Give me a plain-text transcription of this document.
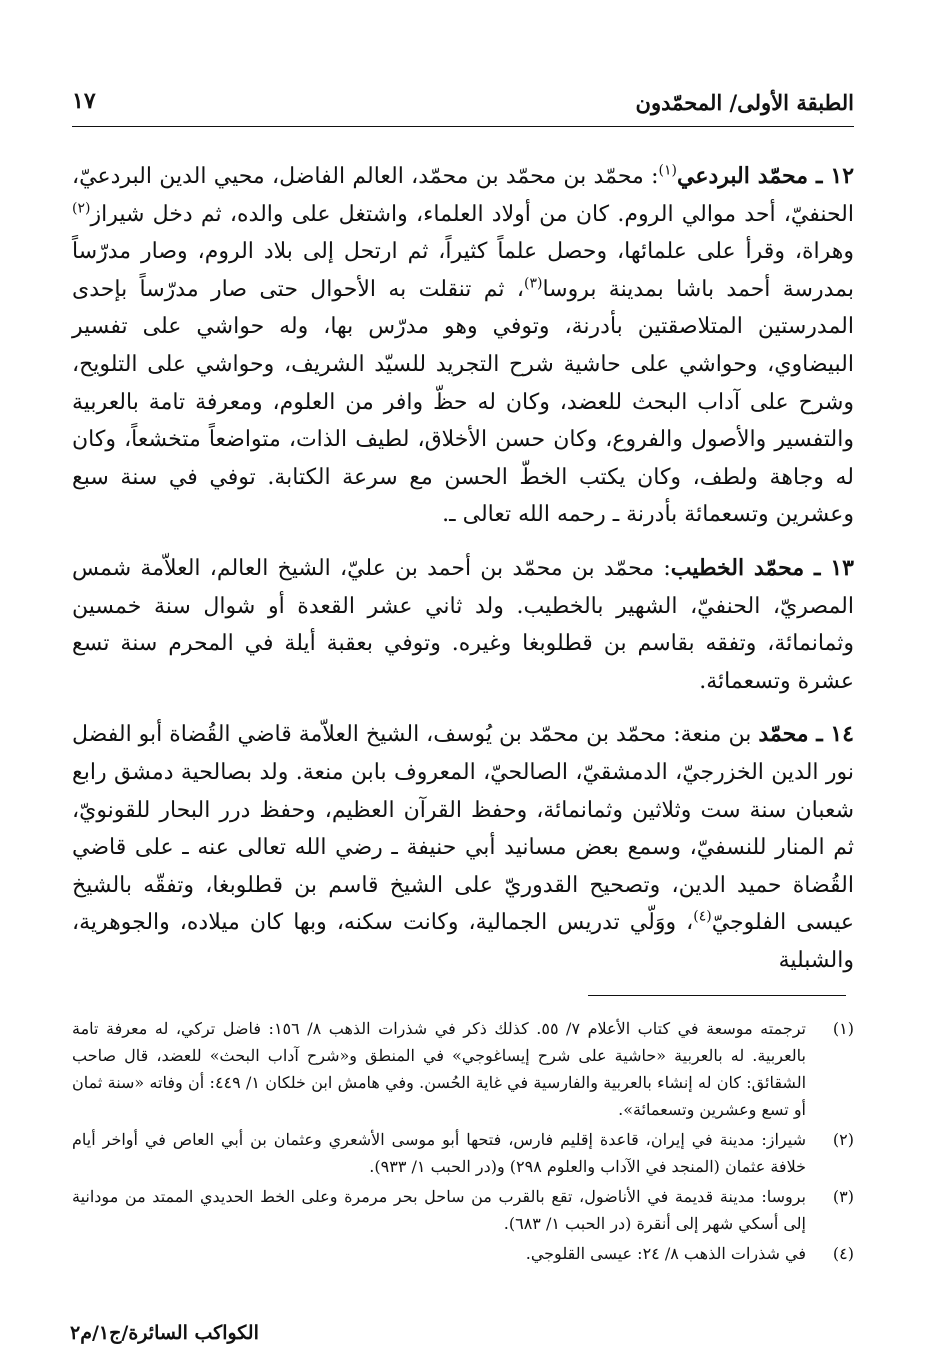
الطبقة الأولى/ المحمّدون
١٧

١٢ ـ محمّد البردعي$^{(١)}$: محمّد بن محمّد بن محمّد، العالم الفاضل، محيي الدين البردعيّ، الحنفيّ، أحد موالي الروم. كان من أولاد العلماء، واشتغل على والده، ثم دخل شيراز$^{(٢)}$ وهراة، وقرأ على علمائها، وحصل علماً كثيراً، ثم ارتحل إلى بلاد الروم، وصار مدرّساً بمدرسة أحمد باشا بمدينة بروسا$^{(٣)}$، ثم تنقلت به الأحوال حتى صار مدرّساً بإحدى المدرستين المتلاصقتين بأدرنة، وتوفي وهو مدرّس بها، وله حواشي على تفسير البيضاوي، وحواشي على حاشية شرح التجريد للسيّد الشريف، وحواشي على التلويح، وشرح على آداب البحث للعضد، وكان له حظّ وافر من العلوم، ومعرفة تامة بالعربية والتفسير والأصول والفروع، وكان حسن الأخلاق، لطيف الذات، متواضعاً متخشعاً، وكان له وجاهة ولطف، وكان يكتب الخطّ الحسن مع سرعة الكتابة. توفي في سنة سبع وعشرين وتسعمائة بأدرنة ـ رحمه الله تعالى ـ.

١٣ ـ محمّد الخطيب: محمّد بن محمّد بن أحمد بن عليّ، الشيخ العالم، العلاّمة شمس المصريّ، الحنفيّ، الشهير بالخطيب. ولد ثاني عشر القعدة أو شوال سنة خمسين وثمانمائة، وتفقه بقاسم بن قطلوبغا وغيره. وتوفي بعقبة أيلة في المحرم سنة تسع عشرة وتسعمائة.

١٤ ـ محمّد بن منعة: محمّد بن محمّد بن يُوسف، الشيخ العلاّمة قاضي القُضاة أبو الفضل نور الدين الخزرجيّ، الدمشقيّ، الصالحيّ، المعروف بابن منعة. ولد بصالحية دمشق رابع شعبان سنة ست وثلاثين وثمانمائة، وحفظ القرآن العظيم، وحفظ درر البحار للقونويّ، ثم المنار للنسفيّ، وسمع بعض مسانيد أبي حنيفة ـ رضي الله تعالى عنه ـ على قاضي القُضاة حميد الدين، وتصحيح القدوريّ على الشيخ قاسم بن قطلوبغا، وتفقّه بالشيخ عيسى الفلوجيّ$^{(٤)}$، ووَلّي تدريس الجمالية، وكانت سكنه، وبها كان ميلاده، والجوهرية، والشبلية

(١)
ترجمته موسعة في كتاب الأعلام ٧/ ٥٥. كذلك ذكر في شذرات الذهب ٨/ ١٥٦: فاضل تركي، له معرفة تامة بالعربية. له بالعربية «حاشية على شرح إيساغوجي» في المنطق و«شرح آداب البحث» للعضد، قال صاحب الشقائق: كان له إنشاء بالعربية والفارسية في غاية الحُسن. وفي هامش ابن خلكان ١/ ٤٤٩: أن وفاته «سنة ثمان أو تسع وعشرين وتسعمائة».
(٢)
شيراز: مدينة في إيران، قاعدة إقليم فارس، فتحها أبو موسى الأشعري وعثمان بن أبي العاص في أواخر أيام خلافة عثمان (المنجد في الآداب والعلوم ٢٩٨) و(در الحبب ١/ ٩٣٣).
(٣)
بروسا: مدينة قديمة في الأناضول، تقع بالقرب من ساحل بحر مرمرة وعلى الخط الحديدي الممتد من مودانية إلى أسكي شهر إلى أنقرة (در الحبب ١/ ٦٨٣).
(٤)
في شذرات الذهب ٨/ ٢٤: عيسى القلوجي.
الكواكب السائرة/ج١/م٢
